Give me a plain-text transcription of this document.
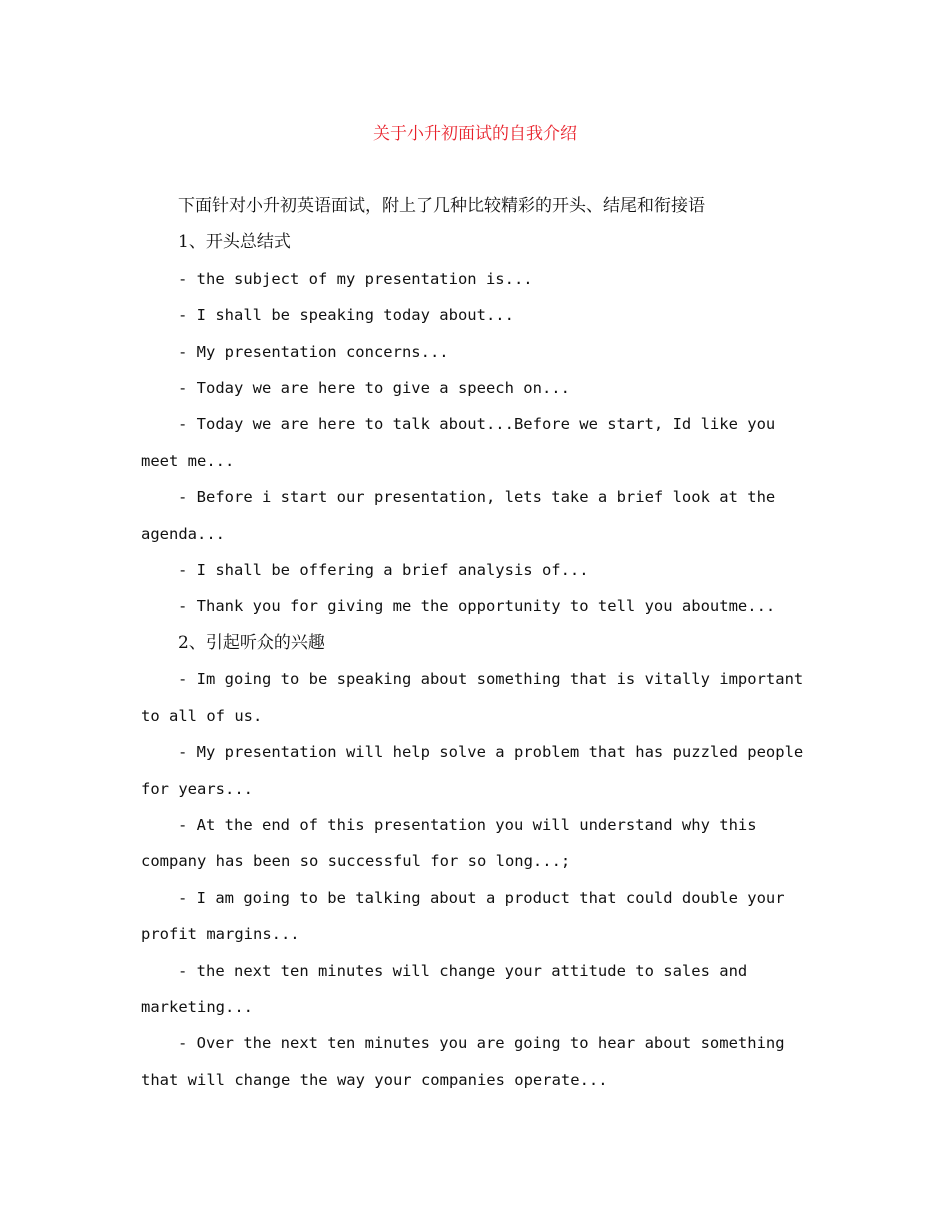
关于小升初面试的自我介绍

下面针对小升初英语面试，附上了几种比较精彩的开头、结尾和衔接语

1、开头总结式

- the subject of my presentation is...

- I shall be speaking today about...

- My presentation concerns...

- Today we are here to give a speech on...

- Today we are here to talk about...Before we start, Id like you meet me...

- Before i start our presentation, lets take a brief look at the agenda...

- I shall be offering a brief analysis of...

- Thank you for giving me the opportunity to tell you aboutme...

2、引起听众的兴趣

- Im going to be speaking about something that is vitally important to all of us.

- My presentation will help solve a problem that has puzzled people for years...

- At the end of this presentation you will understand why this company has been so successful for so long...;

- I am going to be talking about a product that could double your profit margins...

- the next ten minutes will change your attitude to sales and marketing...

- Over the next ten minutes you are going to hear about something that will change the way your companies operate...
